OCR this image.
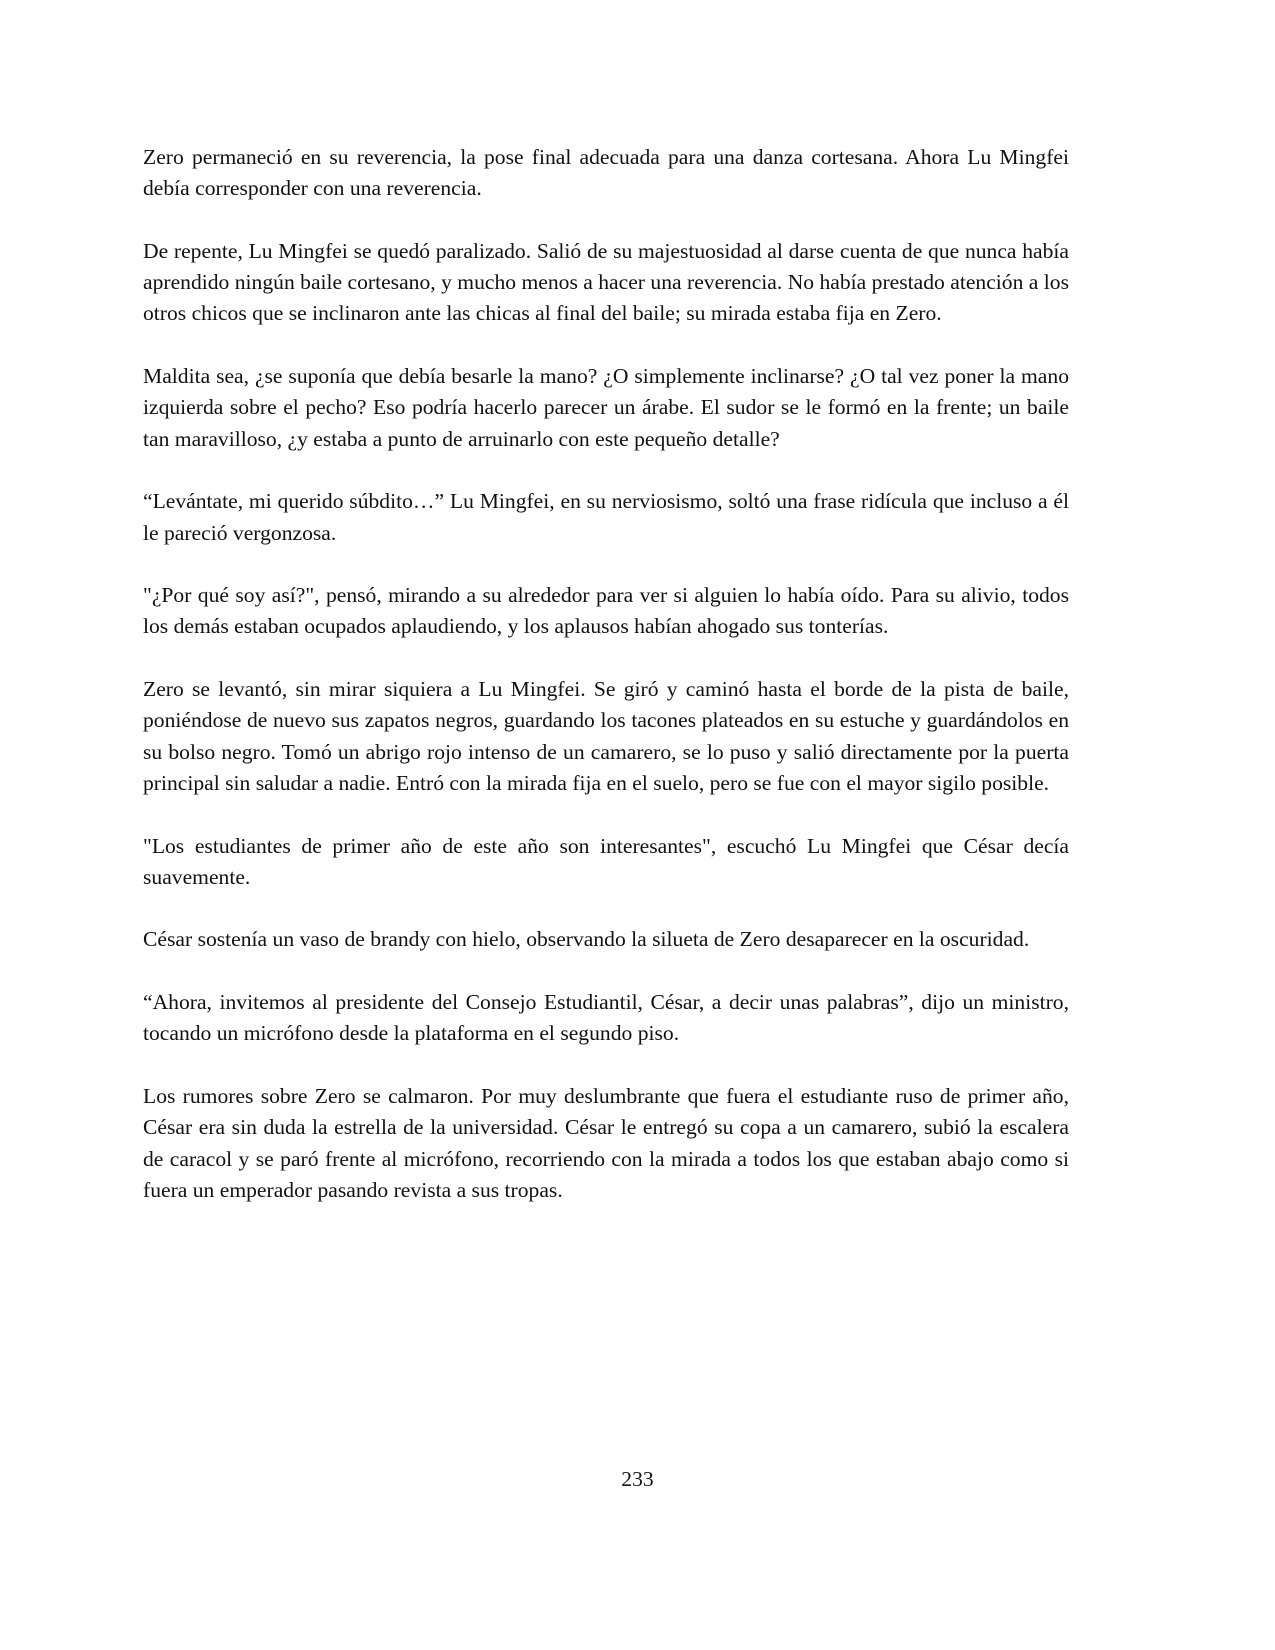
Zero permaneció en su reverencia, la pose final adecuada para una danza cortesana. Ahora Lu Mingfei debía corresponder con una reverencia.

De repente, Lu Mingfei se quedó paralizado. Salió de su majestuosidad al darse cuenta de que nunca había aprendido ningún baile cortesano, y mucho menos a hacer una reverencia. No había prestado atención a los otros chicos que se inclinaron ante las chicas al final del baile; su mirada estaba fija en Zero.

Maldita sea, ¿se suponía que debía besarle la mano? ¿O simplemente inclinarse? ¿O tal vez poner la mano izquierda sobre el pecho? Eso podría hacerlo parecer un árabe. El sudor se le formó en la frente; un baile tan maravilloso, ¿y estaba a punto de arruinarlo con este pequeño detalle?

“Levántate, mi querido súbdito…” Lu Mingfei, en su nerviosismo, soltó una frase ridícula que incluso a él le pareció vergonzosa.

"¿Por qué soy así?", pensó, mirando a su alrededor para ver si alguien lo había oído. Para su alivio, todos los demás estaban ocupados aplaudiendo, y los aplausos habían ahogado sus tonterías.

Zero se levantó, sin mirar siquiera a Lu Mingfei. Se giró y caminó hasta el borde de la pista de baile, poniéndose de nuevo sus zapatos negros, guardando los tacones plateados en su estuche y guardándolos en su bolso negro. Tomó un abrigo rojo intenso de un camarero, se lo puso y salió directamente por la puerta principal sin saludar a nadie. Entró con la mirada fija en el suelo, pero se fue con el mayor sigilo posible.

"Los estudiantes de primer año de este año son interesantes", escuchó Lu Mingfei que César decía suavemente.

César sostenía un vaso de brandy con hielo, observando la silueta de Zero desaparecer en la oscuridad.

“Ahora, invitemos al presidente del Consejo Estudiantil, César, a decir unas palabras”, dijo un ministro, tocando un micrófono desde la plataforma en el segundo piso.

Los rumores sobre Zero se calmaron. Por muy deslumbrante que fuera el estudiante ruso de primer año, César era sin duda la estrella de la universidad. César le entregó su copa a un camarero, subió la escalera de caracol y se paró frente al micrófono, recorriendo con la mirada a todos los que estaban abajo como si fuera un emperador pasando revista a sus tropas.

233
